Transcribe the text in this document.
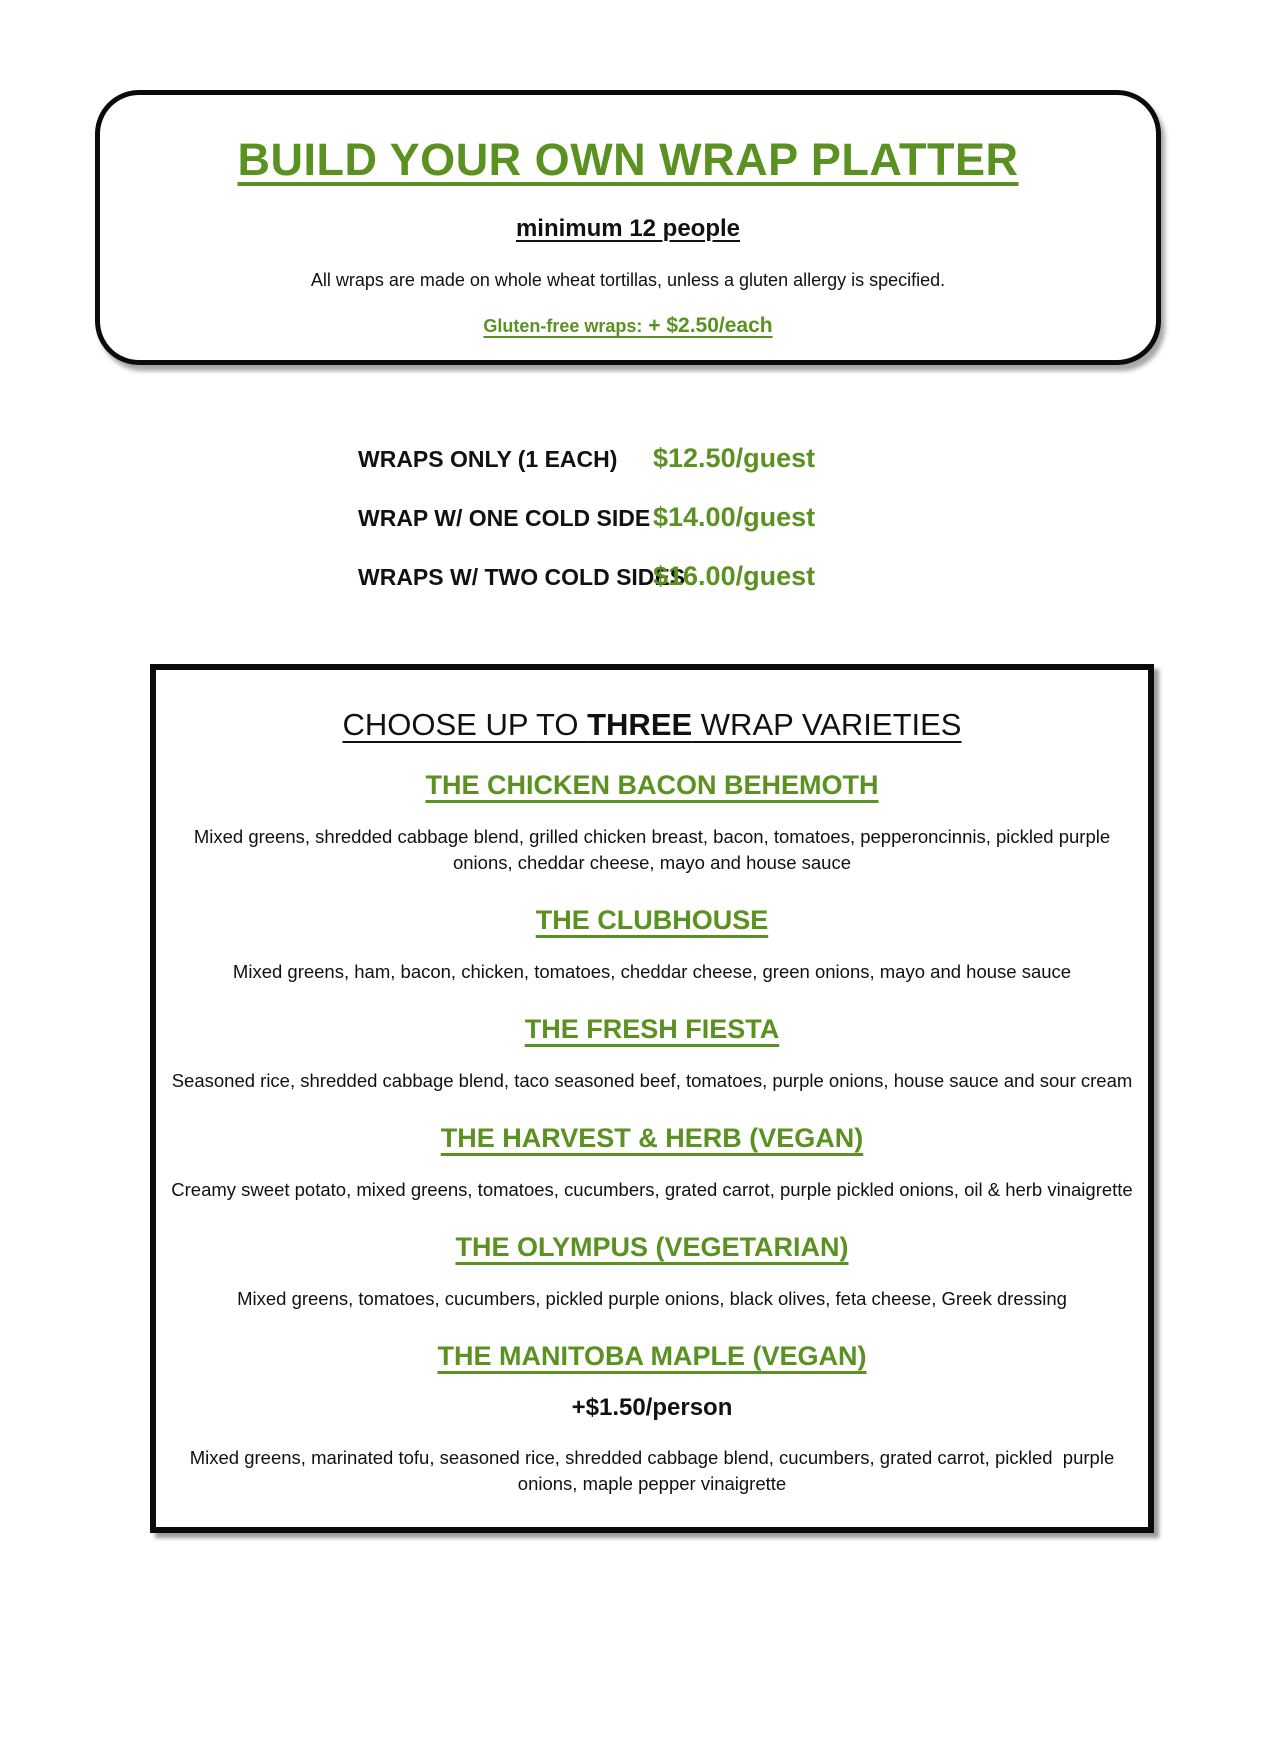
BUILD YOUR OWN WRAP PLATTER
minimum 12 people
All wraps are made on whole wheat tortillas, unless a gluten allergy is specified.
Gluten-free wraps: + $2.50/each
WRAPS ONLY (1 EACH)	$12.50/guest
WRAP W/ ONE COLD SIDE $14.00/guest
WRAPS W/ TWO COLD SIDES
$16.00/guest
CHOOSE UP TO THREE WRAP VARIETIES
THE CHICKEN BACON BEHEMOTH
Mixed greens, shredded cabbage blend, grilled chicken breast, bacon, tomatoes, pepperoncinnis, pickled purple
onions, cheddar cheese, mayo and house sauce
THE CLUBHOUSE
Mixed greens, ham, bacon, chicken, tomatoes, cheddar cheese, green onions, mayo and house sauce
THE FRESH FIESTA
Seasoned rice, shredded cabbage blend, taco seasoned beef, tomatoes, purple onions, house sauce and sour cream
THE HARVEST & HERB (VEGAN)
Creamy sweet potato, mixed greens, tomatoes, cucumbers, grated carrot, purple pickled onions, oil & herb vinaigrette
THE OLYMPUS (VEGETARIAN)
Mixed greens, tomatoes, cucumbers, pickled purple onions, black olives, feta cheese, Greek dressing
THE MANITOBA MAPLE (VEGAN)
+$1.50/person
Mixed greens, marinated tofu, seasoned rice, shredded cabbage blend, cucumbers, grated carrot, pickled  purple
onions, maple pepper vinaigrette
